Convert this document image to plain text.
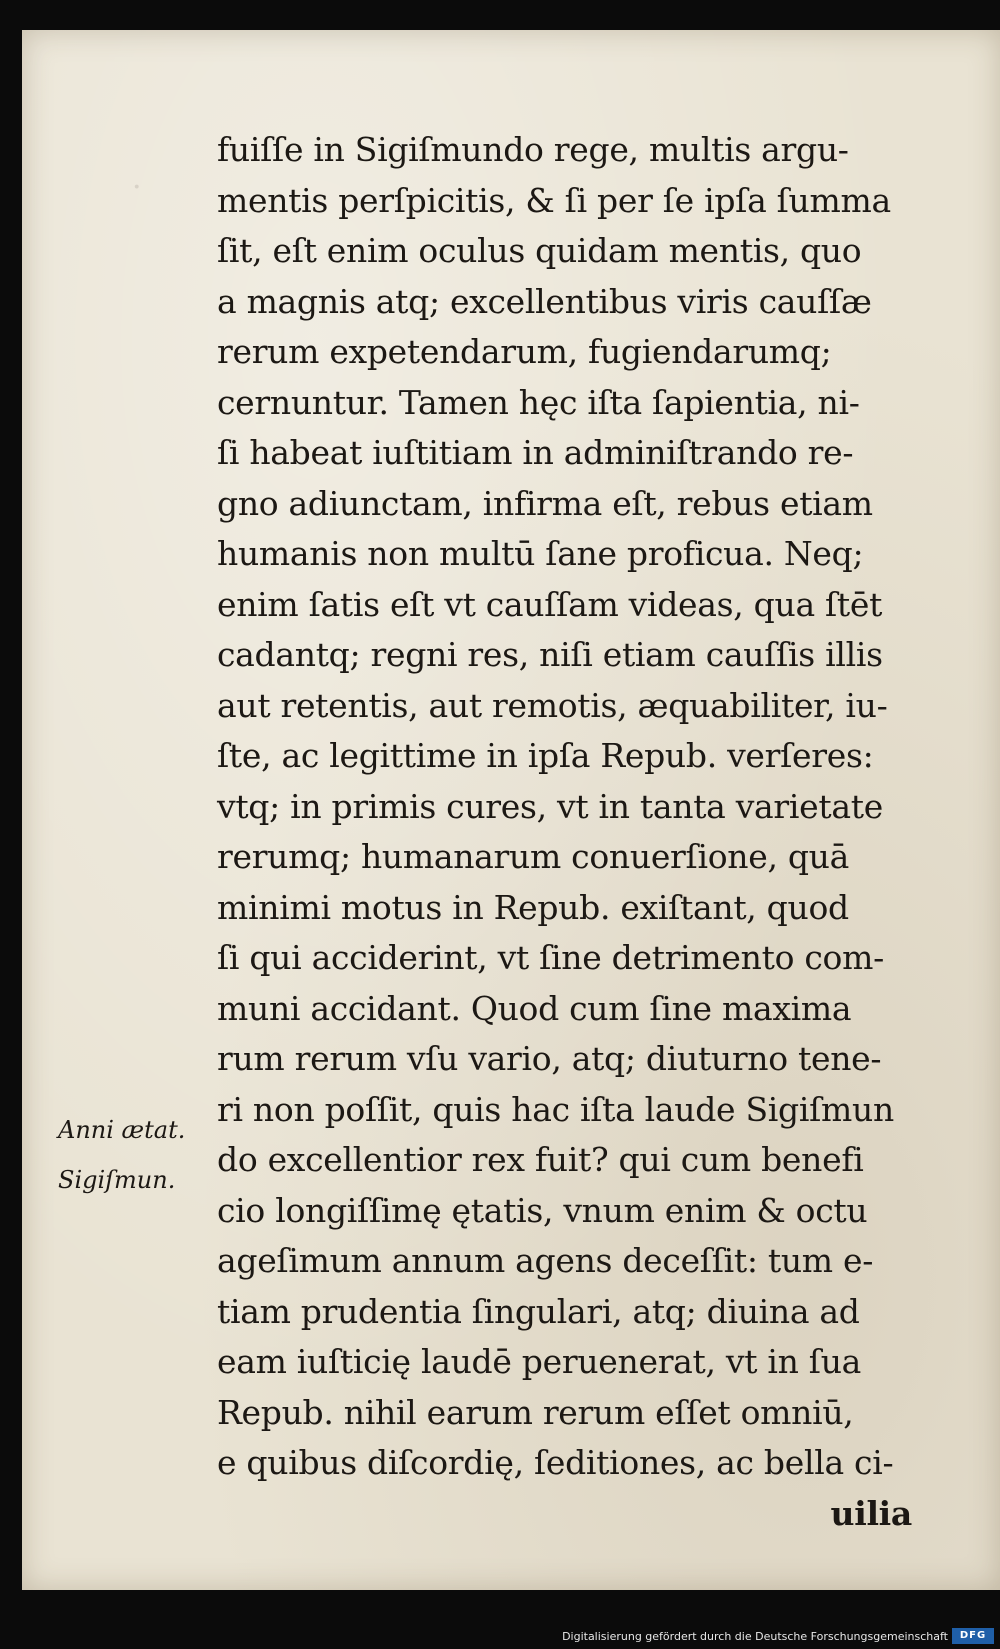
·
fuiſſe in Sigiſmundo rege, multis argu-
mentis perſpicitis, & ſi per ſe ipſa ſumma
ſit, eſt enim oculus quidam mentis, quo
a magnis atq; excellentibus viris cauſſæ
rerum expetendarum, fugiendarumq;
cernuntur. Tamen hęc iſta ſapientia, ni-
ſi habeat iuſtitiam in adminiſtrando re-
gno adiunctam, infirma eſt, rebus etiam
humanis non multū ſane proficua. Neq;
enim ſatis eſt vt cauſſam videas, qua ſtēt
cadantq; regni res, niſi etiam cauſſis illis
aut retentis, aut remotis, æquabiliter, iu-
ſte, ac legittime in ipſa Repub. verſeres:
vtq; in primis cures, vt in tanta varietate
rerumq; humanarum conuerſione, quā
minimi motus in Repub. exiſtant, quod
ſi qui acciderint, vt ſine detrimento com-
muni accidant. Quod cum ſine maxima
rum rerum vſu vario, atq; diuturno tene-
ri non poſſit, quis hac iſta laude Sigiſmun
do excellentior rex fuit? qui cum benefi
cio longiſſimę ętatis, vnum enim & octu
ageſimum annum agens deceſſit: tum e-
tiam prudentia ſingulari, atq; diuina ad
eam iuſticię laudē peruenerat, vt in ſua
Repub. nihil earum rerum eſſet omniū,
e quibus diſcordię, ſeditiones, ac bella ci-
uilia
Anni ætat.
Sigiſmun.
Digitalisierung gefördert durch die Deutsche Forschungsgemeinschaft	DFG
